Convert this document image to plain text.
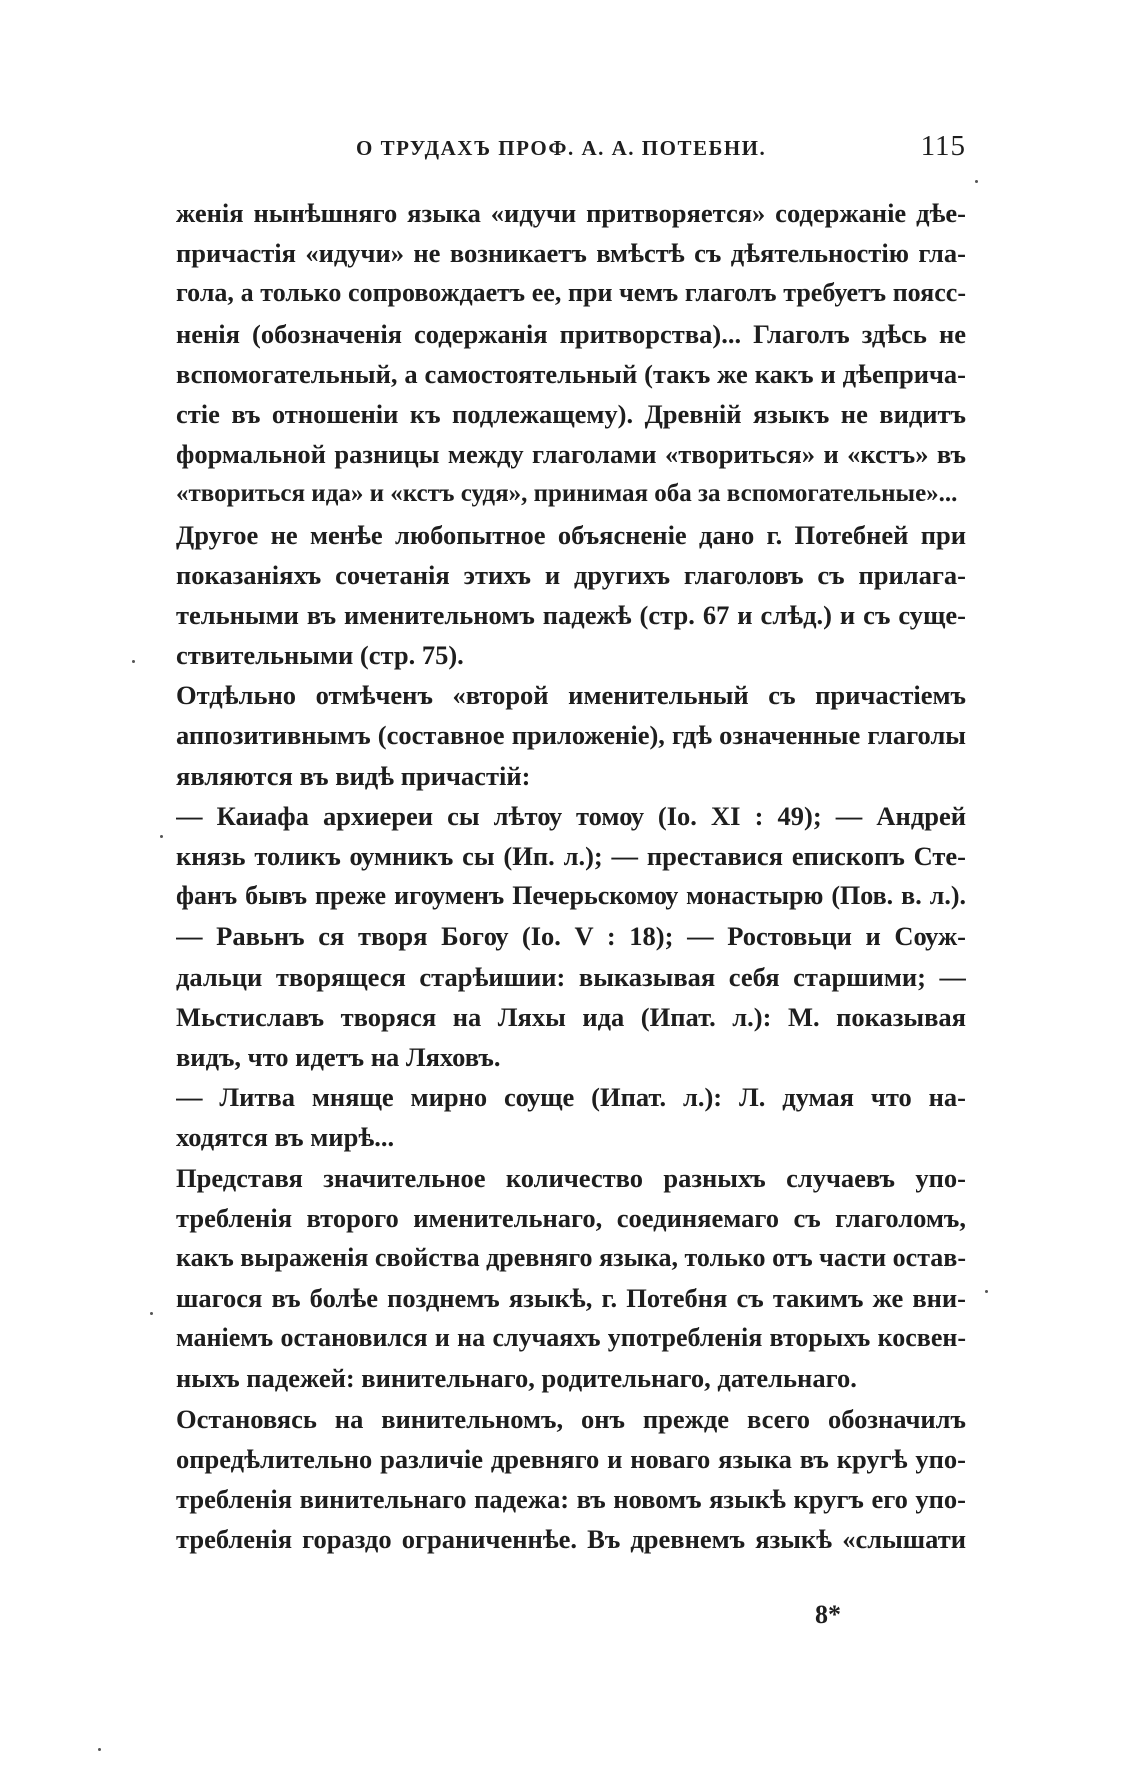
О ТРУДАХЪ ПРОФ. А. А. ПОТЕБНИ.	115
женія нынѣшняго языка «идучи притворяется» содержаніе дѣе-
причастія «идучи» не возникаетъ вмѣстѣ съ дѣятельностію гла-
гола, а только сопровождаетъ ее, при чемъ глаголъ требуетъ поясс-
ненія (обозначенія содержанія притворства)... Глаголъ здѣсь не
вспомогательный, а самостоятельный (такъ же какъ и дѣеприча-
стіе въ отношеніи къ подлежащему). Древній языкъ не видитъ
формальной разницы между глаголами «твориться» и «кстъ» въ
«твориться ида» и «кстъ судя», принимая оба за вспомогательные»...
Другое не менѣе любопытное объясненіе дано г. Потебней при
показаніяхъ сочетанія этихъ и другихъ глаголовъ съ прилага-
тельными въ именительномъ падежѣ (стр. 67 и слѣд.) и съ суще-
ствительными (стр. 75).
Отдѣльно отмѣченъ «второй именительный съ причастіемъ
аппозитивнымъ (составное приложеніе), гдѣ означенные глаголы
являются въ видѣ причастій:
— Каиафа архиереи сы лѣтѹ томѹ (Іо. XI : 49); — Андрей
князь толикъ ѹмникъ сы (Ип. л.); — преставися епископъ Сте-
фанъ бывъ преже игѹменъ Печерьскомѹ монастырю (Пов. в. л.).
— Равьнъ ся творя Богѹ (Іо. V : 18); — Ростовьци и Сѹж-
дальци творящеся старѣишии: выказывая себя старшими; —
Мьстиславъ творяся на Ляхы ида (Ипат. л.): М. показывая
видъ, что идетъ на Ляховъ.
— Литва мняще мирно сѹще (Ипат. л.): Л. думая что на-
ходятся въ мирѣ...
Представя значительное количество разныхъ случаевъ упо-
требленія второго именительнаго, соединяемаго съ глаголомъ,
какъ выраженія свойства древняго языка, только отъ части остав-
шагося въ болѣе позднемъ языкѣ, г. Потебня съ такимъ же вни-
маніемъ остановился и на случаяхъ употребленія вторыхъ косвен-
ныхъ падежей: винительнаго, родительнаго, дательнаго.
Остановясь на винительномъ, онъ прежде всего обозначилъ
опредѣлительно различіе древняго и новаго языка въ кругѣ упо-
требленія винительнаго падежа: въ новомъ языкѣ кругъ его упо-
требленія гораздо ограниченнѣе. Въ древнемъ языкѣ «слышати
8*
